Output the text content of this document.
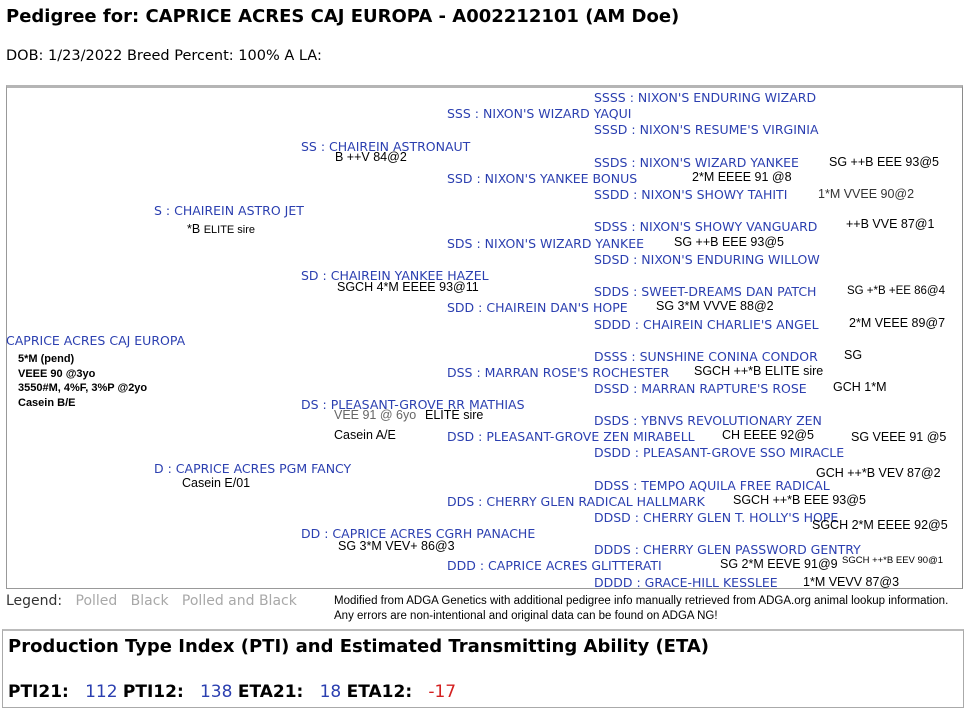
Pedigree for: CAPRICE ACRES CAJ EUROPA - A002212101 (AM Doe)
DOB: 1/23/2022 Breed Percent: 100% A LA:
SSSS : NIXON'S ENDURING WIZARD
SSSD : NIXON'S RESUME'S VIRGINIA
SSDS : NIXON'S WIZARD YANKEE SG ++B EEE 93@5
SSDD : NIXON'S SHOWY TAHITI 1*M VVEE 90@2
SDSS : NIXON'S SHOWY VANGUARD ++B VVE 87@1
SDSD : NIXON'S ENDURING WILLOW
SDDS : SWEET-DREAMS DAN PATCH	SG +*B +EE 86@4
SDDD : CHAIREIN CHARLIE'S ANGEL 2*M VEEE 89@7
DSSS : SUNSHINE CONINA CONDOR SG
DSSD : MARRAN RAPTURE'S ROSE GCH 1*M
DSDS : YBNVS REVOLUTIONARY ZEN
DSDD : PLEASANT-GROVE SSO MIRACLE
GCH ++*B VEV 87@2
DDSS : TEMPO AQUILA FREE RADICAL
DDSD : CHERRY GLEN T. HOLLY'S HOPE
SGCH 2*M EEEE 92@5
DDDS : CHERRY GLEN PASSWORD GENTRY
DDDD : GRACE-HILL KESSLEE 1*M VEVV 87@3
SSS : NIXON'S WIZARD YAQUI
SSD : NIXON'S YANKEE BONUS	2*M EEEE 91 @8
SDS : NIXON'S WIZARD YANKEE SG ++B EEE 93@5
SDD : CHAIREIN DAN'S HOPE SG 3*M VVVE 88@2
DSS : MARRAN ROSE'S ROCHESTER SGCH ++*B ELITE sire
DSD : PLEASANT-GROVE ZEN MIRABELL CH EEEE 92@5	SG VEEE 91 @5
DDS : CHERRY GLEN RADICAL HALLMARK SGCH ++*B EEE 93@5
DDD : CAPRICE ACRES GLITTERATI	SG 2*M EEVE 91@9 SGCH ++*B EEV 90@1
SS : CHAIREIN ASTRONAUT
B ++V 84@2
SD : CHAIREIN YANKEE HAZEL
SGCH 4*M EEEE 93@11
DS : PLEASANT-GROVE RR MATHIAS
VEE 91 @ 6yo ELITE sire
Casein A/E
DD : CAPRICE ACRES CGRH PANACHE
SG 3*M VEV+ 86@3
S : CHAIREIN ASTRO JET
*B ELITE sire
D : CAPRICE ACRES PGM FANCY
Casein E/01
CAPRICE ACRES CAJ EUROPA
5*M (pend)
VEEE 90 @3yo
3550#M, 4%F, 3%P @2yo
Casein B/E
Legend: Polled Black Polled and Black	Modified from ADGA Genetics with additional pedigree info manually retrieved from ADGA.org animal lookup information. Any errors are non-intentional and original data can be found on ADGA NG!
Production Type Index (PTI) and Estimated Transmitting Ability (ETA)
PTI21: 112 PTI12: 138 ETA21: 18 ETA12: -17
